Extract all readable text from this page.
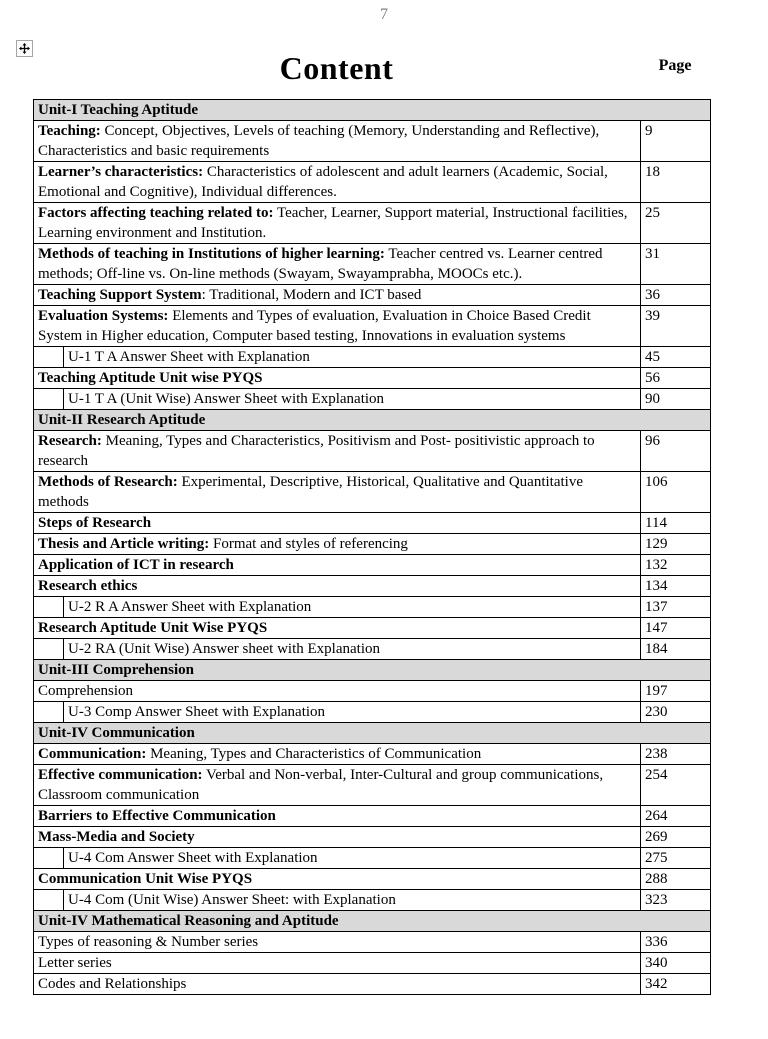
7
Content	Page
Unit-I Teaching Aptitude		
Teaching: Concept, Objectives, Levels of teaching (Memory, Understanding and Reflective), Characteristics and basic requirements		9
Learner’s characteristics: Characteristics of adolescent and adult learners (Academic, Social, Emotional and Cognitive), Individual differences.		18
Factors affecting teaching related to: Teacher, Learner, Support material, Instructional facilities, Learning environment and Institution.		25
Methods of teaching in Institutions of higher learning: Teacher centred vs. Learner centred methods; Off-line vs. On-line methods (Swayam, Swayamprabha, MOOCs etc.).		31
Teaching Support System: Traditional, Modern and ICT based		36
Evaluation Systems: Elements and Types of evaluation, Evaluation in Choice Based Credit System in Higher education, Computer based testing, Innovations in evaluation systems		39
	U-1 T A Answer Sheet with Explanation	45
Teaching Aptitude Unit wise PYQS		56
	U-1 T A (Unit Wise) Answer Sheet with Explanation	90
Unit-II Research Aptitude		
Research: Meaning, Types and Characteristics, Positivism and Post- positivistic approach to research		96
Methods of Research: Experimental, Descriptive, Historical, Qualitative and Quantitative methods		106
Steps of Research		114
Thesis and Article writing: Format and styles of referencing		129
Application of ICT in research		132
Research ethics		134
	U-2 R A Answer Sheet with Explanation	137
Research Aptitude Unit Wise PYQS		147
	U-2 RA (Unit Wise) Answer sheet with Explanation	184
Unit-III Comprehension		
Comprehension		197
	U-3 Comp Answer Sheet with Explanation	230
Unit-IV Communication		
Communication: Meaning, Types and Characteristics of Communication		238
Effective communication: Verbal and Non-verbal, Inter-Cultural and group communications, Classroom communication		254
Barriers to Effective Communication		264
Mass-Media and Society		269
	U-4 Com Answer Sheet with Explanation	275
Communication Unit Wise PYQS		288
	U-4 Com (Unit Wise) Answer Sheet: with Explanation	323
Unit-IV Mathematical Reasoning and Aptitude		
Types of reasoning & Number series		336
Letter series		340
Codes and Relationships		342
